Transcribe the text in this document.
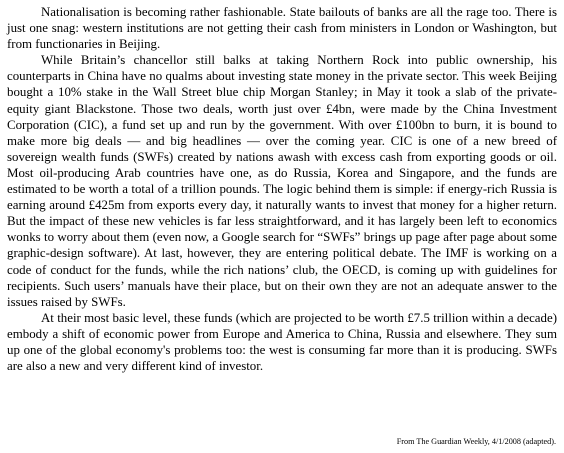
Nationalisation is becoming rather fashionable. State bailouts of banks are all the rage too. There is just one snag: western institutions are not getting their cash from ministers in London or Washington, but from functionaries in Beijing.

While Britain’s chancellor still balks at taking Northern Rock into public ownership, his counterparts in China have no qualms about investing state money in the private sector. This week Beijing bought a 10% stake in the Wall Street blue chip Morgan Stanley; in May it took a slab of the private-equity giant Blackstone. Those two deals, worth just over £4bn, were made by the China Investment Corporation (CIC), a fund set up and run by the government. With over £100bn to burn, it is bound to make more big deals — and big headlines — over the coming year. CIC is one of a new breed of sovereign wealth funds (SWFs) created by nations awash with excess cash from exporting goods or oil. Most oil-producing Arab countries have one, as do Russia, Korea and Singapore, and the funds are estimated to be worth a total of a trillion pounds. The logic behind them is simple: if energy-rich Russia is earning around £425m from exports every day, it naturally wants to invest that money for a higher return. But the impact of these new vehicles is far less straightforward, and it has largely been left to economics wonks to worry about them (even now, a Google search for “SWFs” brings up page after page about some graphic-design software). At last, however, they are entering political debate. The IMF is working on a code of conduct for the funds, while the rich nations’ club, the OECD, is coming up with guidelines for recipients. Such users’ manuals have their place, but on their own they are not an adequate answer to the issues raised by SWFs.

At their most basic level, these funds (which are projected to be worth £7.5 trillion within a decade) embody a shift of economic power from Europe and America to China, Russia and elsewhere. They sum up one of the global economy's problems too: the west is consuming far more than it is producing. SWFs are also a new and very different kind of investor.

From The Guardian Weekly, 4/1/2008 (adapted).
